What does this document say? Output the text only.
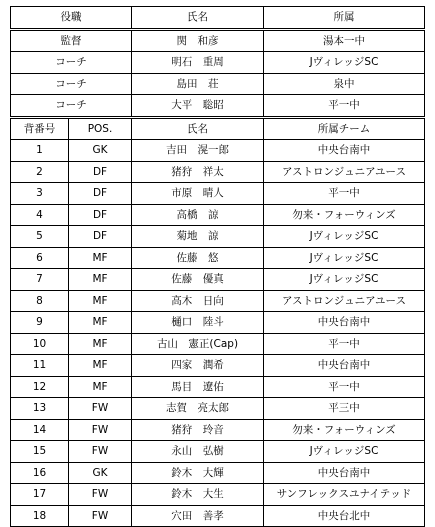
役職		氏名	所属
監督		関　和彦	湯本一中
コーチ		明石　重周	JヴィレッジSC
コーチ		島田　荘	泉中
コーチ		大平　聡昭	平一中
背番号	POS.	氏名	所属チーム
1	GK	吉田　滉一郎	中央台南中
2	DF	猪狩　祥太	アストロンジュニアユース
3	DF	市原　晴人	平一中
4	DF	高橋　諒	勿来・フォーウィンズ
5	DF	菊地　諒	JヴィレッジSC
6	MF	佐藤　悠	JヴィレッジSC
7	MF	佐藤　優真	JヴィレッジSC
8	MF	高木　日向	アストロンジュニアユース
9	MF	樋口　陸斗	中央台南中
10	MF	古山　憲正(Cap)	平一中
11	MF	四家　潤希	中央台南中
12	MF	馬目　遼佑	平一中
13	FW	志賀　亮太郎	平三中
14	FW	猪狩　玲音	勿来・フォーウィンズ
15	FW	永山　弘樹	JヴィレッジSC
16	GK	鈴木　大輝	中央台南中
17	FW	鈴木　大生	サンフレックスユナイテッド
18	FW	穴田　善孝	中央台北中
